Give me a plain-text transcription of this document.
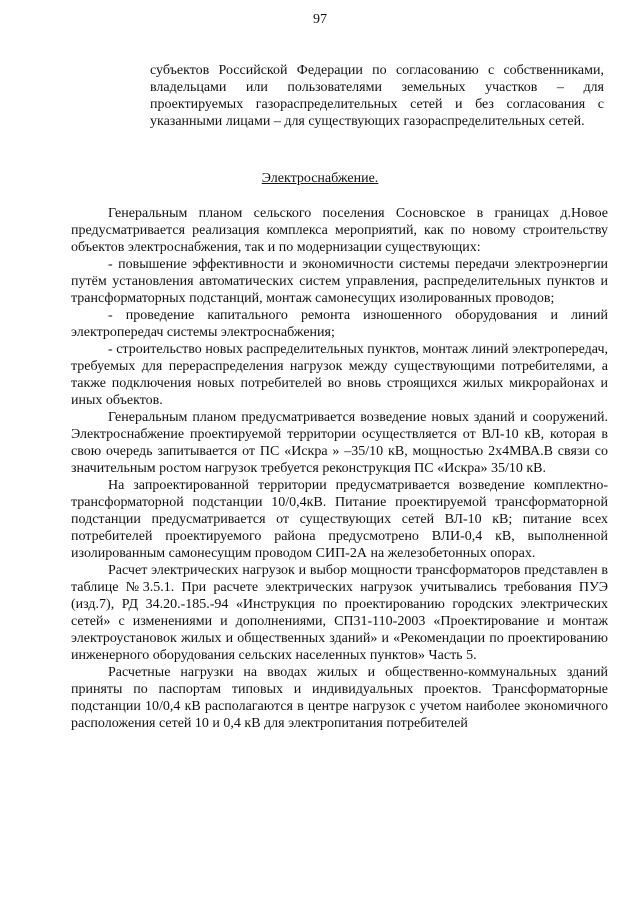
97

субъектов Российской Федерации по согласованию с собственниками, владельцами или пользователями земельных участков – для проектируемых газораспределительных сетей и без согласования с указанными лицами – для существующих газораспределительных сетей.

Электроснабжение.

Генеральным планом сельского поселения Сосновское в границах д.Новое предусматривается реализация комплекса мероприятий, как по новому строительству объектов электроснабжения, так и по модернизации существующих:

- повышение эффективности и экономичности системы передачи электроэнергии путём установления автоматических систем управления, распределительных пунктов и трансформаторных подстанций, монтаж самонесущих изолированных проводов;

- проведение капитального ремонта изношенного оборудования и линий электропередач системы электроснабжения;

- строительство новых распределительных пунктов, монтаж линий электропередач, требуемых для перераспределения нагрузок между существующими потребителями, а также подключения новых потребителей во вновь строящихся жилых микрорайонах и иных объектов.

Генеральным планом предусматривается возведение новых зданий и сооружений. Электроснабжение проектируемой территории осуществляется от ВЛ-10 кВ, которая в свою очередь запитывается от ПС «Искра » –35/10 кВ, мощностью 2х4МВА.В связи со значительным ростом нагрузок требуется реконструкция ПС «Искра» 35/10 кВ.

На запроектированной территории предусматривается возведение комплектно-трансформаторной подстанции 10/0,4кВ. Питание проектируемой трансформаторной подстанции предусматривается от существующих сетей ВЛ-10 кВ; питание всех потребителей проектируемого района предусмотрено ВЛИ-0,4 кВ, выполненной изолированным самонесущим проводом СИП-2А на железобетонных опорах.

Расчет электрических нагрузок и выбор мощности трансформаторов представлен в таблице №3.5.1. При расчете электрических нагрузок учитывались требования ПУЭ (изд.7), РД 34.20.-185.-94 «Инструкция по проектированию городских электрических сетей» с изменениями и дополнениями, СП31-110-2003 «Проектирование и монтаж электроустановок жилых и общественных зданий» и «Рекомендации по проектированию инженерного оборудования сельских населенных пунктов» Часть 5.

Расчетные нагрузки на вводах жилых и общественно-коммунальных зданий приняты по паспортам типовых и индивидуальных проектов. Трансформаторные подстанции 10/0,4 кВ располагаются в центре нагрузок с учетом наиболее экономичного расположения сетей 10 и 0,4 кВ для электропитания потребителей
